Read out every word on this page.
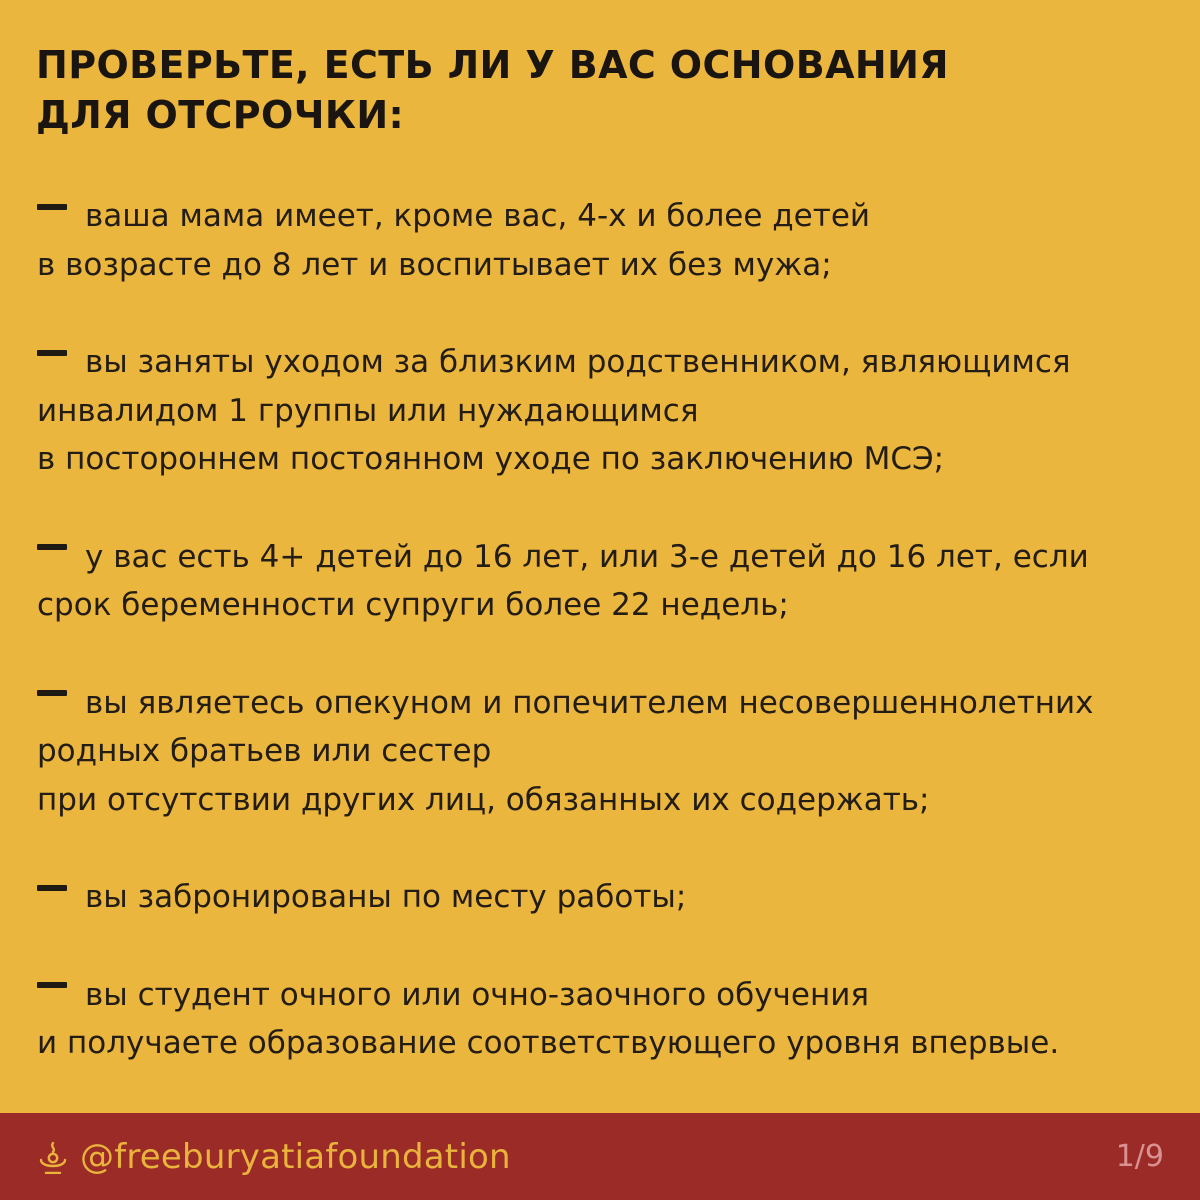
ПРОВЕРЬТЕ, ЕСТЬ ЛИ У ВАС ОСНОВАНИЯ
ДЛЯ ОТСРОЧКИ:
ваша мама имеет, кроме вас, 4-х и более детей
в возрасте до 8 лет и воспитывает их без мужа;
вы заняты уходом за близким родственником, являющимся
инвалидом 1 группы или нуждающимся
в постороннем постоянном уходе по заключению МСЭ;
у вас есть 4+ детей до 16 лет, или 3-е детей до 16 лет, если
срок беременности супруги более 22 недель;
вы являетесь опекуном и попечителем несовершеннолетних
родных братьев или сестер
при отсутствии других лиц, обязанных их содержать;
вы забронированы по месту работы;
вы студент очного или очно-заочного обучения
и получаете образование соответствующего уровня впервые.
@freeburyatiafoundation	1/9
